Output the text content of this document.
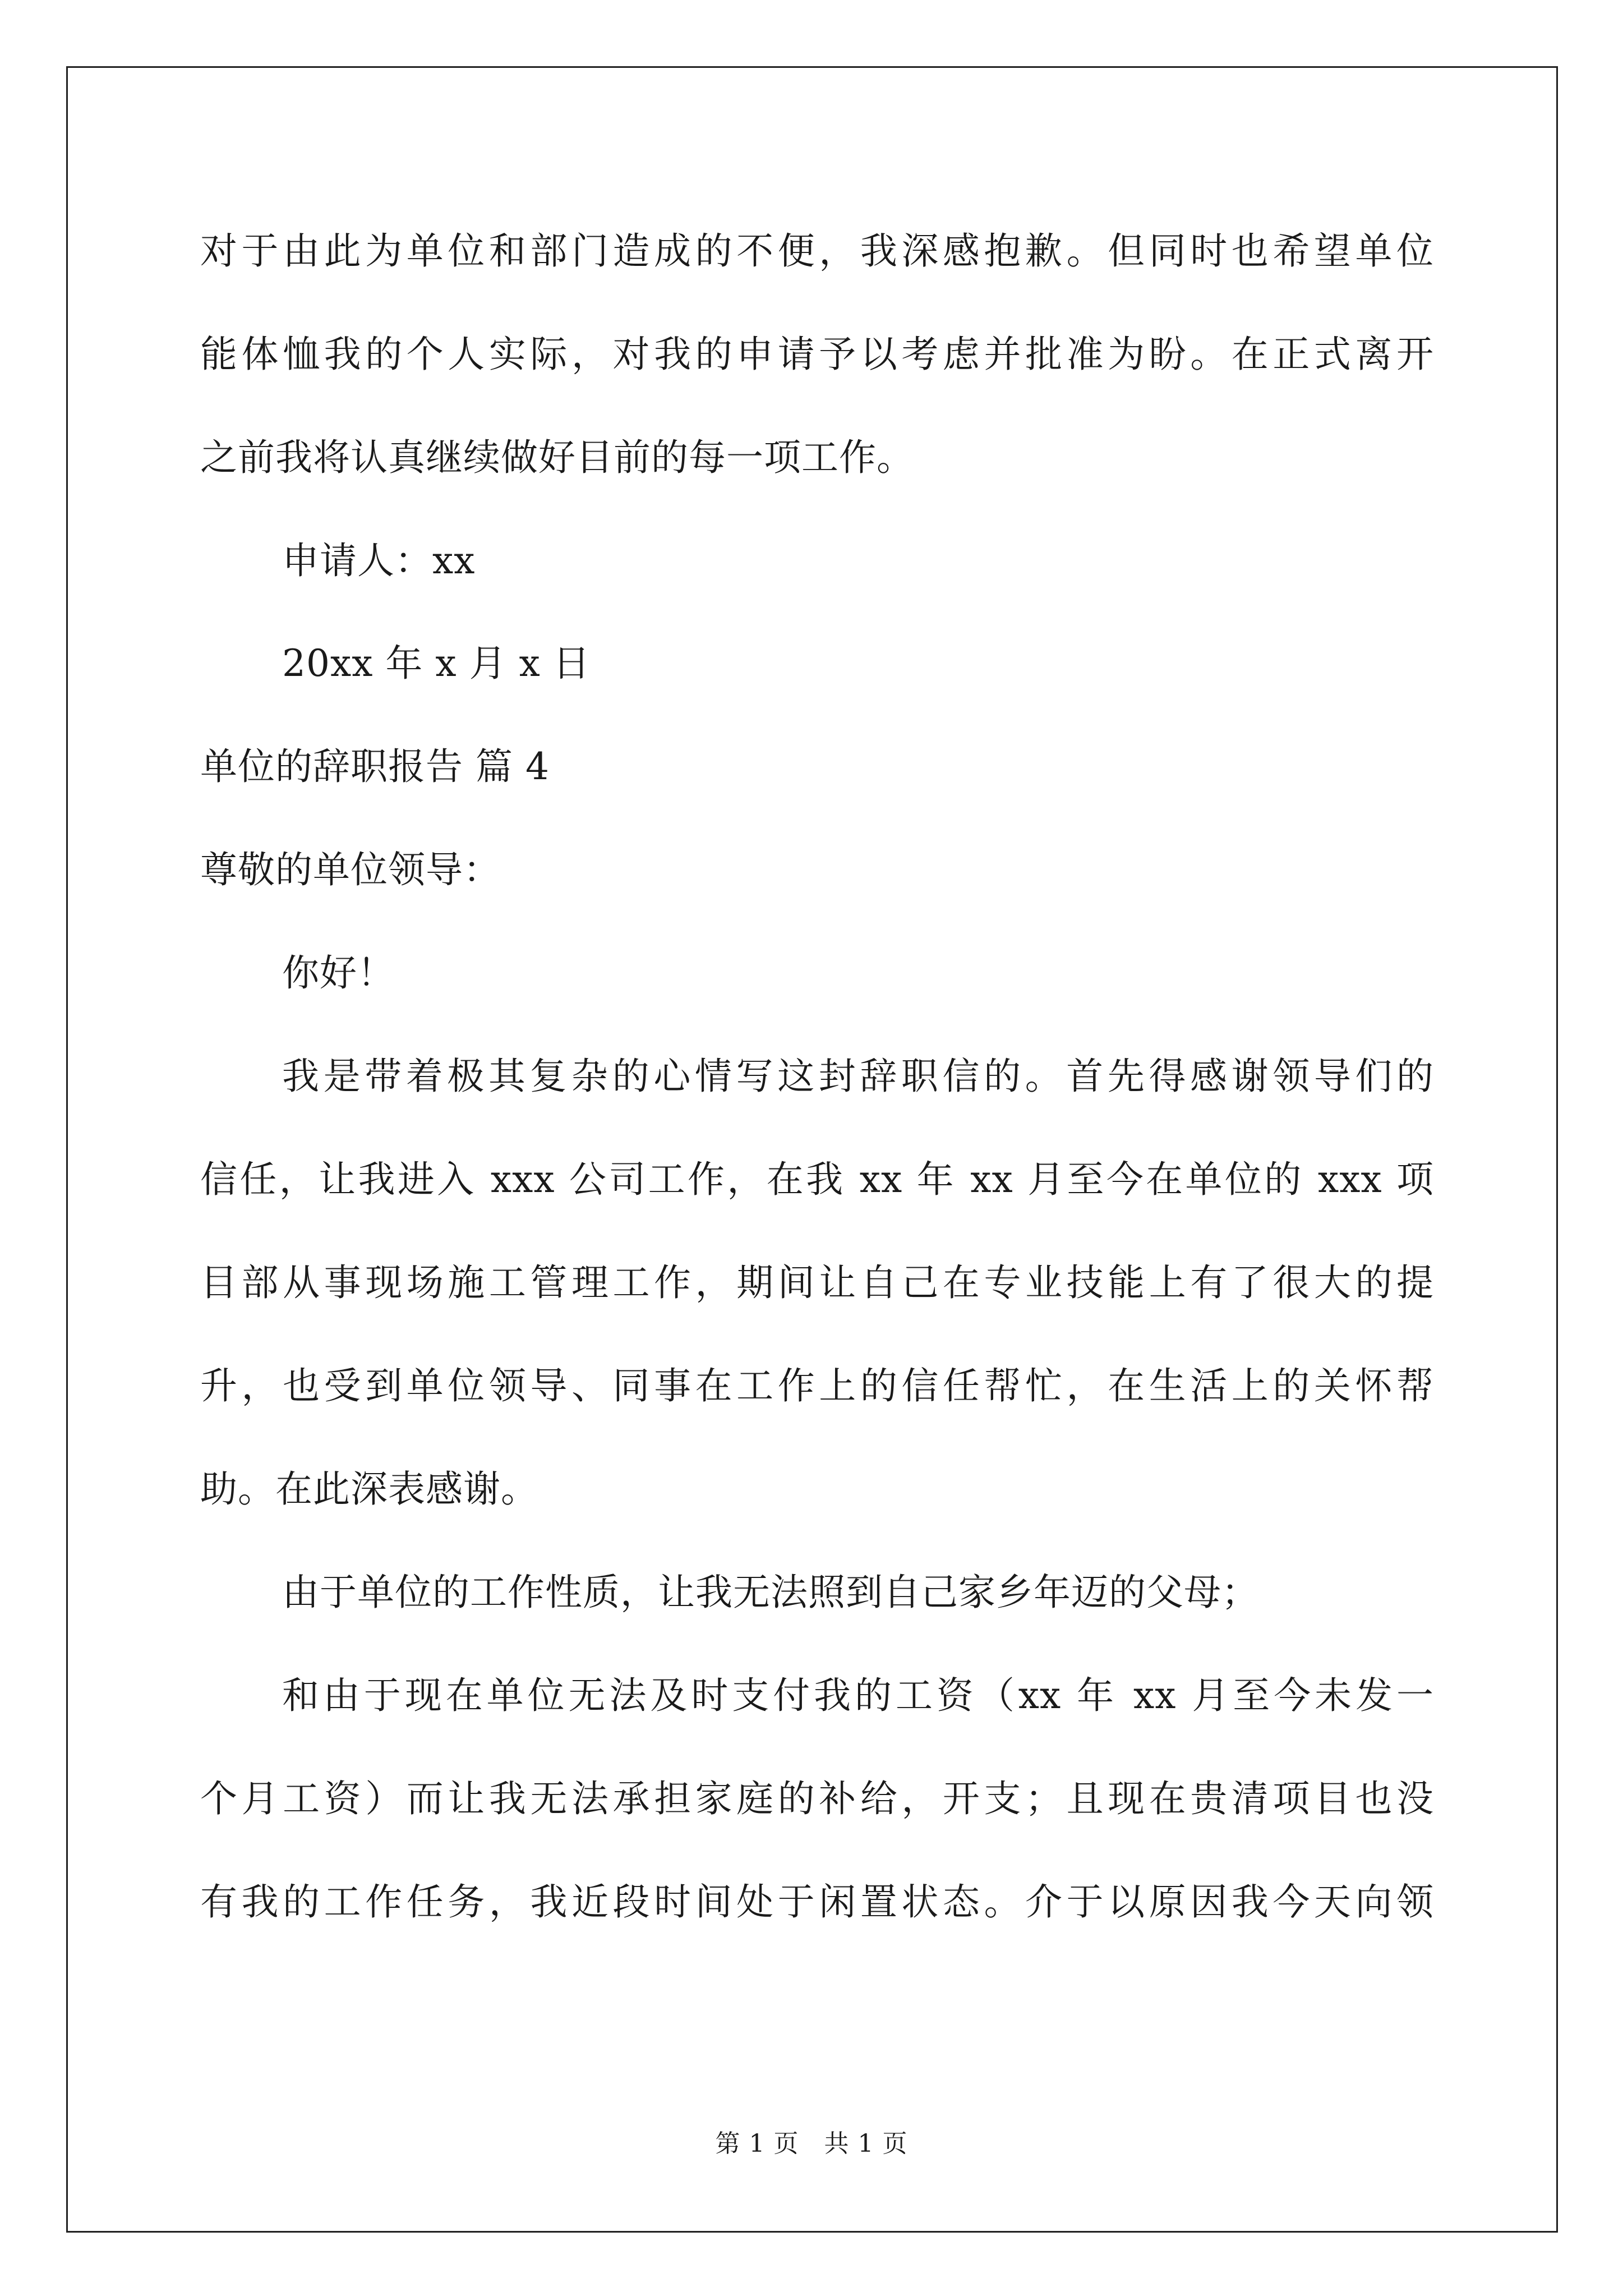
对于由此为单位和部门造成的不便，我深感抱歉。但同时也希望单位
能体恤我的个人实际，对我的申请予以考虑并批准为盼。在正式离开
之前我将认真继续做好目前的每一项工作。
申请人：xx
20xx 年 x 月 x 日
单位的辞职报告 篇 4
尊敬的单位领导：
你好！
我是带着极其复杂的心情写这封辞职信的。首先得感谢领导们的
信任，让我进入 xxx 公司工作，在我 xx 年 xx 月至今在单位的 xxx 项
目部从事现场施工管理工作，期间让自己在专业技能上有了很大的提
升，也受到单位领导、同事在工作上的信任帮忙，在生活上的关怀帮
助。在此深表感谢。
由于单位的工作性质，让我无法照到自己家乡年迈的父母；
和由于现在单位无法及时支付我的工资（xx 年 xx 月至今未发一
个月工资）而让我无法承担家庭的补给，开支；且现在贵清项目也没
有我的工作任务，我近段时间处于闲置状态。介于以原因我今天向领
第 1 页　共 1 页
